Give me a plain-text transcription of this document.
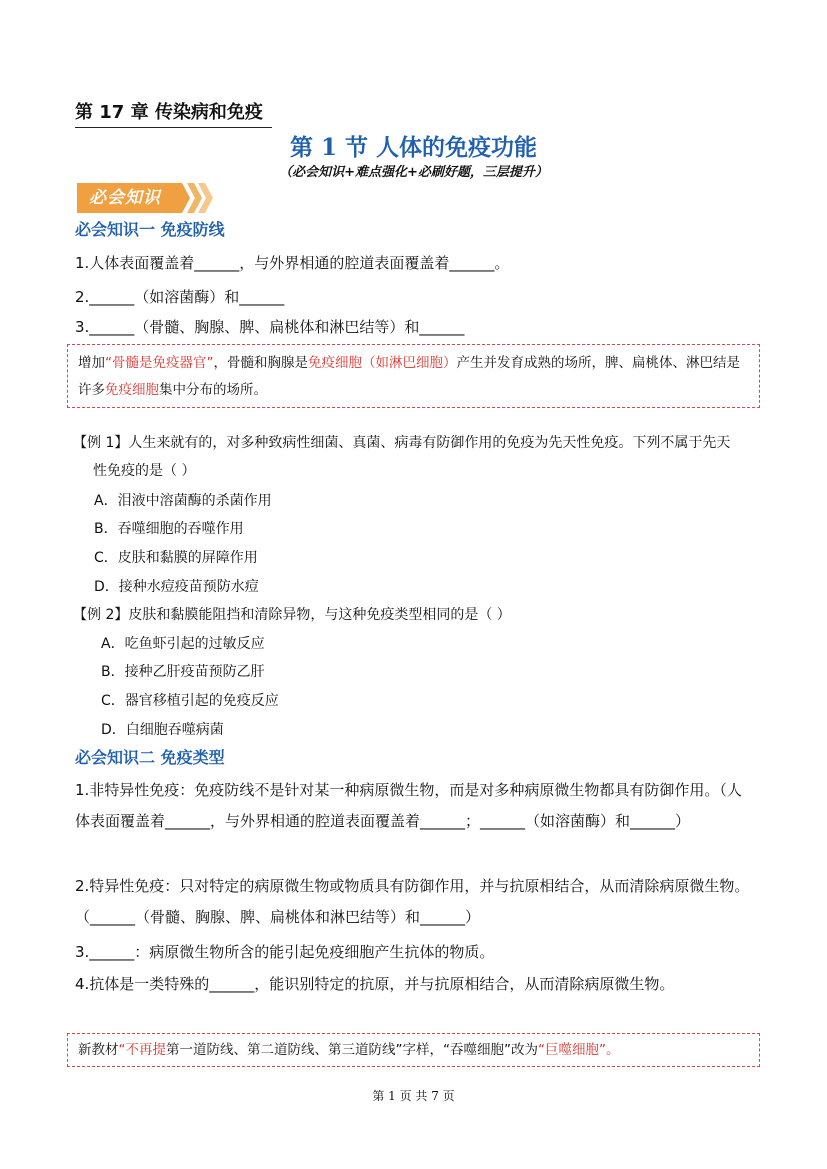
第 17 章 传染病和免疫
第 1 节 人体的免疫功能
（必会知识+难点强化+必刷好题，三层提升）
必会知识
必会知识一 免疫防线
1.人体表面覆盖着______，与外界相通的腔道表面覆盖着______。
2.______（如溶菌酶）和______
3.______（骨髓、胸腺、脾、扁桃体和淋巴结等）和______
增加“骨髓是免疫器官”，骨髓和胸腺是免疫细胞（如淋巴细胞）产生并发育成熟的场所，脾、扁桃体、淋巴结是许多免疫细胞集中分布的场所。
【例 1】人生来就有的，对多种致病性细菌、真菌、病毒有防御作用的免疫为先天性免疫。下列不属于先天
性免疫的是（ ）
A．泪液中溶菌酶的杀菌作用
B．吞噬细胞的吞噬作用
C．皮肤和黏膜的屏障作用
D．接种水痘疫苗预防水痘
【例 2】皮肤和黏膜能阻挡和清除异物，与这种免疫类型相同的是（ ）
A．吃鱼虾引起的过敏反应
B．接种乙肝疫苗预防乙肝
C．器官移植引起的免疫反应
D．白细胞吞噬病菌
必会知识二 免疫类型
1.非特异性免疫：免疫防线不是针对某一种病原微生物，而是对多种病原微生物都具有防御作用。（人体表面覆盖着______，与外界相通的腔道表面覆盖着______；______（如溶菌酶）和______）
2.特异性免疫：只对特定的病原微生物或物质具有防御作用，并与抗原相结合，从而清除病原微生物。（______（骨髓、胸腺、脾、扁桃体和淋巴结等）和______）
3.______：病原微生物所含的能引起免疫细胞产生抗体的物质。
4.抗体是一类特殊的______，能识别特定的抗原，并与抗原相结合，从而清除病原微生物。
新教材“不再提第一道防线、第二道防线、第三道防线”字样，“吞噬细胞”改为“巨噬细胞”。
第 1 页 共 7 页
